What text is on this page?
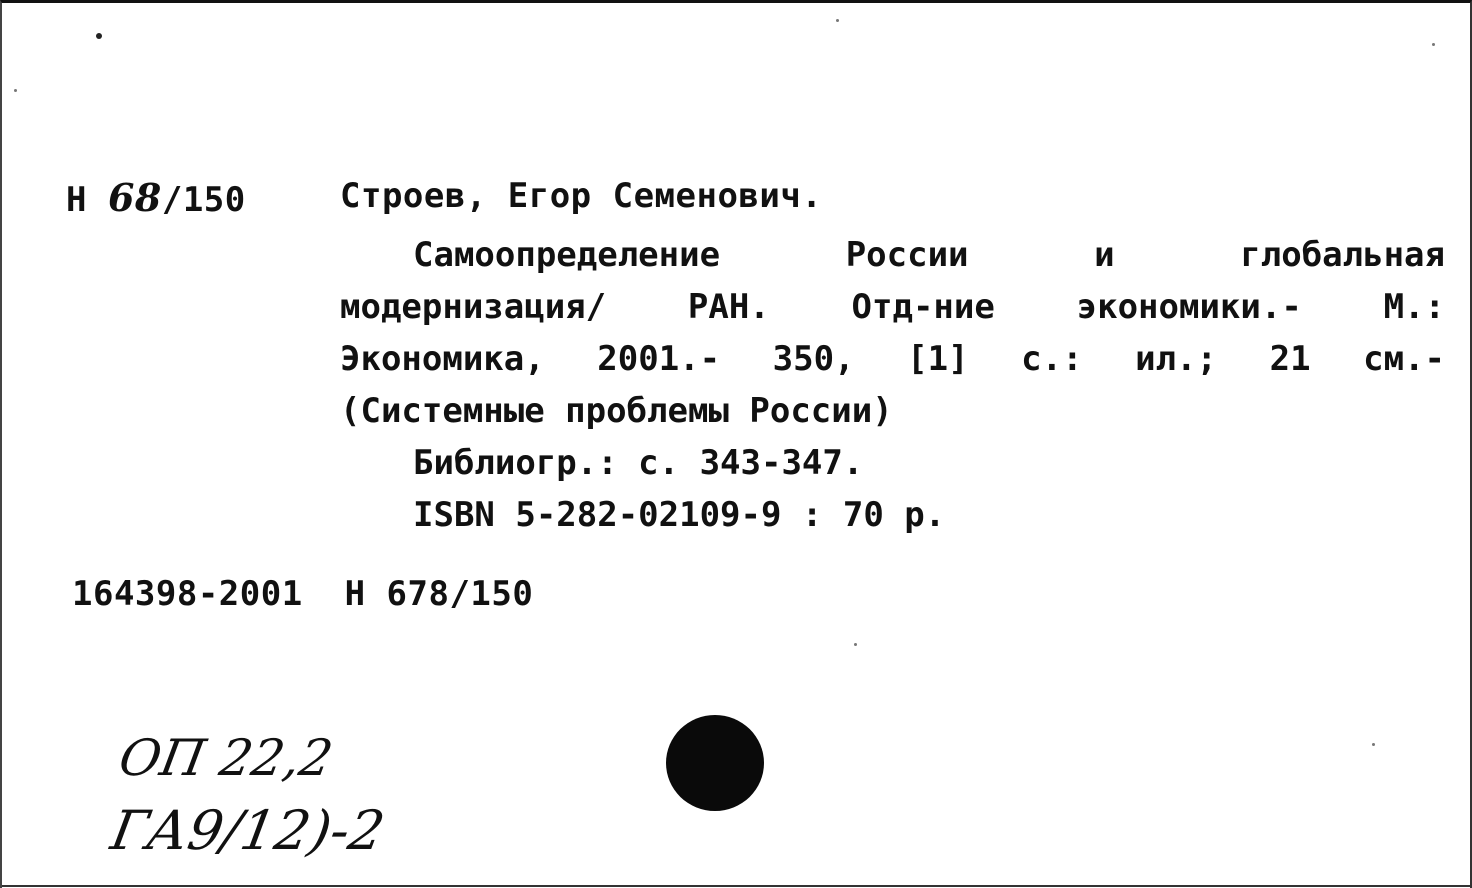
Н 68/150	Строев, Егор Семенович.
Самоопределение России и глобальная
модернизация/ РАН. Отд-ние экономики.- М.:
Экономика, 2001.- 350, [1] с.: ил.; 21 см.-
(Системные проблемы России)
Библиогр.: с. 343-347.
ISBN 5-282-02109-9 : 70 р.
164398-2001  Н 678/150
ОП 22,2
ГА9/12)-2
